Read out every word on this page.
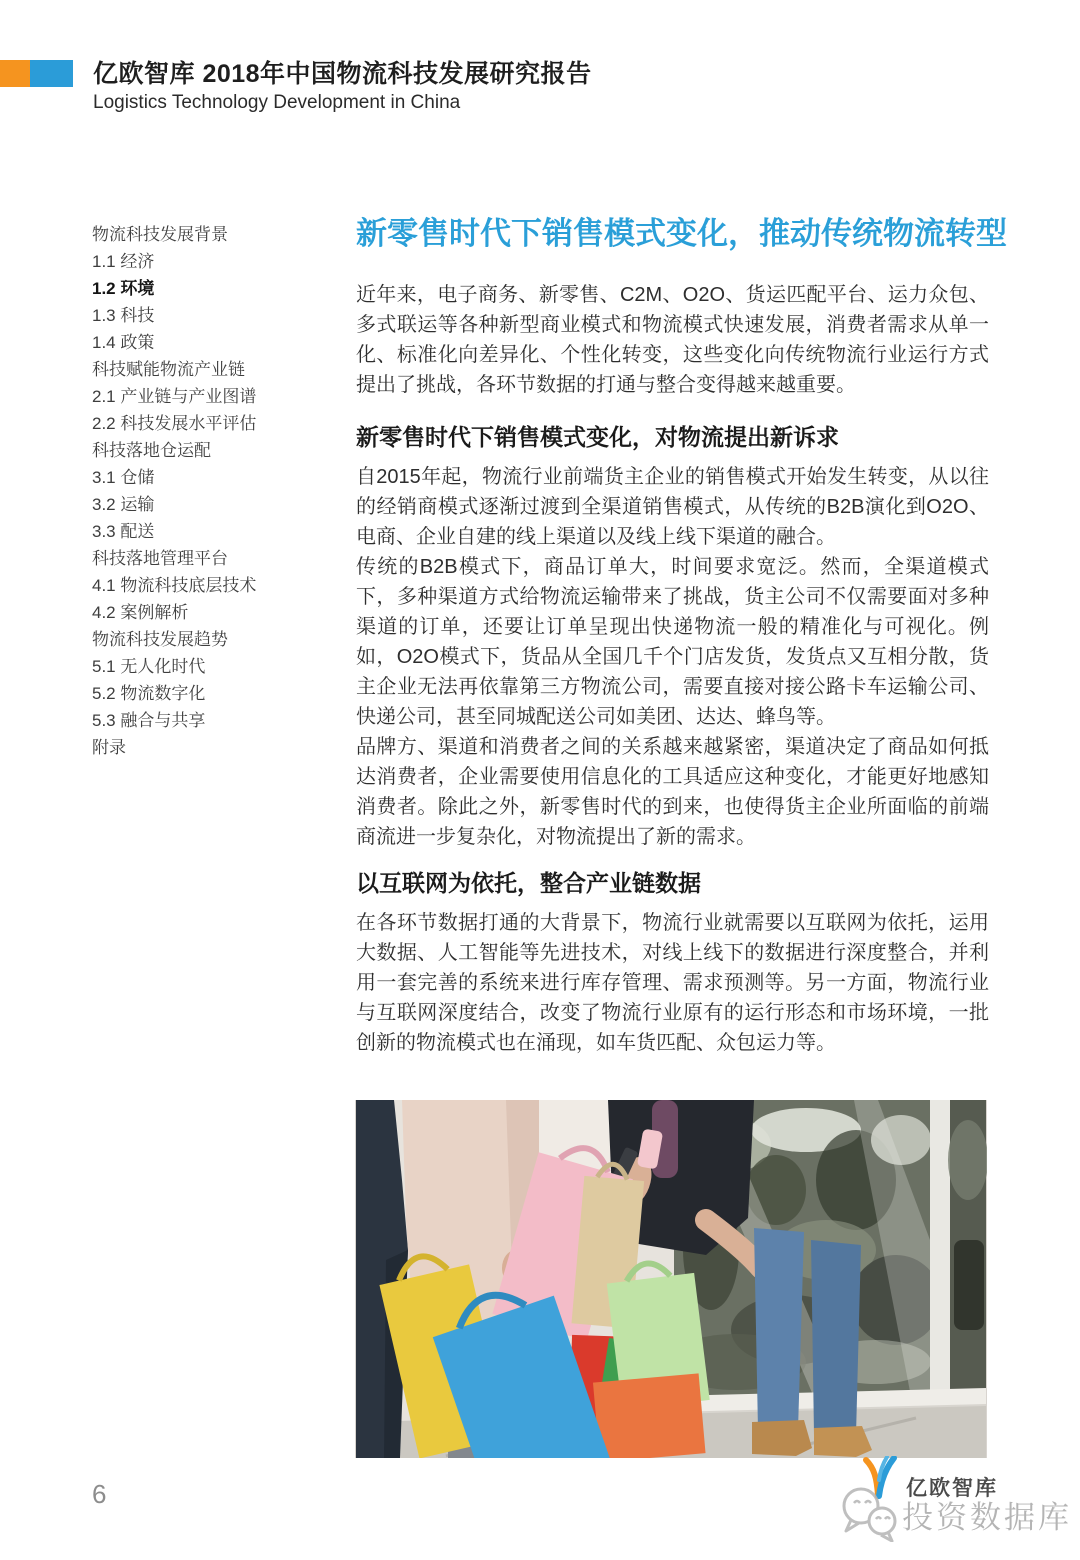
亿欧智库 2018年中国物流科技发展研究报告
Logistics Technology Development in China
物流科技发展背景
1.1 经济
1.2 环境
1.3 科技
1.4 政策
科技赋能物流产业链
2.1 产业链与产业图谱
2.2 科技发展水平评估
科技落地仓运配
3.1 仓储
3.2 运输
3.3 配送
科技落地管理平台
4.1 物流科技底层技术
4.2 案例解析
物流科技发展趋势
5.1 无人化时代
5.2 物流数字化
5.3 融合与共享
附录
新零售时代下销售模式变化，推动传统物流转型

近年来，电子商务、新零售、C2M、O2O、货运匹配平台、运力众包、多式联运等各种新型商业模式和物流模式快速发展，消费者需求从单一化、标准化向差异化、个性化转变，这些变化向传统物流行业运行方式提出了挑战，各环节数据的打通与整合变得越来越重要。

新零售时代下销售模式变化，对物流提出新诉求

自2015年起，物流行业前端货主企业的销售模式开始发生转变，从以往的经销商模式逐渐过渡到全渠道销售模式，从传统的B2B演化到O2O、电商、企业自建的线上渠道以及线上线下渠道的融合。

传统的B2B模式下，商品订单大，时间要求宽泛。然而，全渠道模式下，多种渠道方式给物流运输带来了挑战，货主公司不仅需要面对多种渠道的订单，还要让订单呈现出快递物流一般的精准化与可视化。例如，O2O模式下，货品从全国几千个门店发货，发货点又互相分散，货主企业无法再依靠第三方物流公司，需要直接对接公路卡车运输公司、快递公司，甚至同城配送公司如美团、达达、蜂鸟等。

品牌方、渠道和消费者之间的关系越来越紧密，渠道决定了商品如何抵达消费者，企业需要使用信息化的工具适应这种变化，才能更好地感知消费者。除此之外，新零售时代的到来，也使得货主企业所面临的前端商流进一步复杂化，对物流提出了新的需求。

以互联网为依托，整合产业链数据

在各环节数据打通的大背景下，物流行业就需要以互联网为依托，运用大数据、人工智能等先进技术，对线上线下的数据进行深度整合，并利用一套完善的系统来进行库存管理、需求预测等。另一方面，物流行业与互联网深度结合，改变了物流行业原有的运行形态和市场环境，一批创新的物流模式也在涌现，如车货匹配、众包运力等。

6	亿欧智库
投资数据库
